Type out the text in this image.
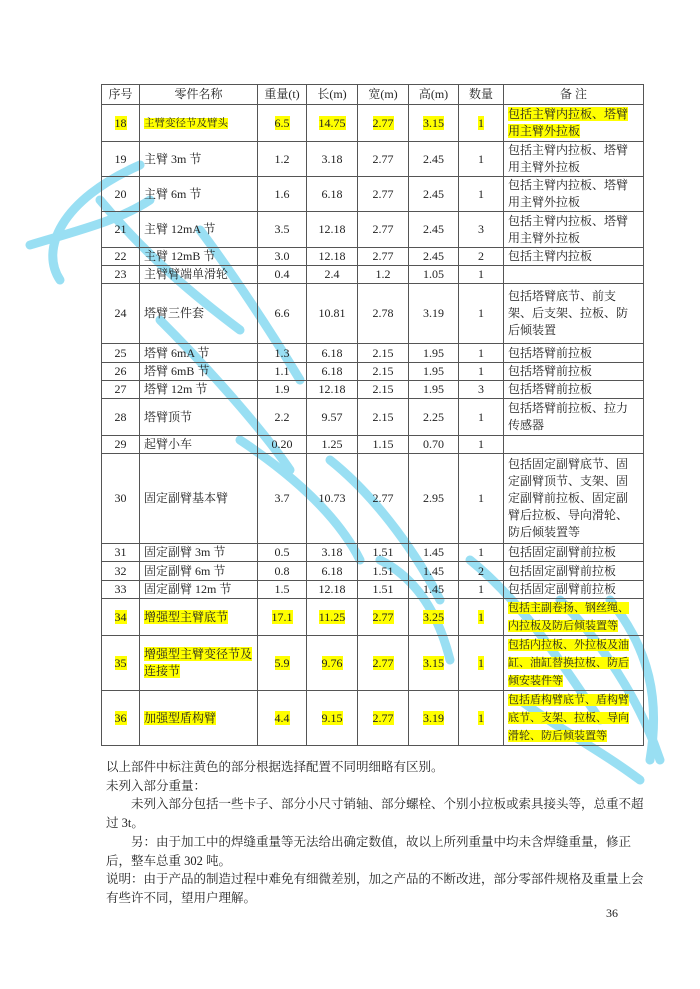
序号	零件名称	重量(t)	长(m)	宽(m)	高(m)	数量	备 注
18	主臂变径节及臂头	6.5	14.75	2.77	3.15	1	包括主臂内拉板、塔臂用主臂外拉板
19	主臂 3m 节	1.2	3.18	2.77	2.45	1	包括主臂内拉板、塔臂用主臂外拉板
20	主臂 6m 节	1.6	6.18	2.77	2.45	1	包括主臂内拉板、塔臂用主臂外拉板
21	主臂 12mA 节	3.5	12.18	2.77	2.45	3	包括主臂内拉板、塔臂用主臂外拉板
22	主臂 12mB 节	3.0	12.18	2.77	2.45	2	包括主臂内拉板
23	主臂臂端单滑轮	0.4	2.4	1.2	1.05	1	
24	塔臂三件套	6.6	10.81	2.78	3.19	1	包括塔臂底节、前支架、后支架、拉板、防后倾装置
25	塔臂 6mA 节	1.3	6.18	2.15	1.95	1	包括塔臂前拉板
26	塔臂 6mB 节	1.1	6.18	2.15	1.95	1	包括塔臂前拉板
27	塔臂 12m 节	1.9	12.18	2.15	1.95	3	包括塔臂前拉板
28	塔臂顶节	2.2	9.57	2.15	2.25	1	包括塔臂前拉板、拉力传感器
29	起臂小车	0.20	1.25	1.15	0.70	1	
30	固定副臂基本臂	3.7	10.73	2.77	2.95	1	包括固定副臂底节、固定副臂顶节、支架、固定副臂前拉板、固定副臂后拉板、导向滑轮、防后倾装置等
31	固定副臂 3m 节	0.5	3.18	1.51	1.45	1	包括固定副臂前拉板
32	固定副臂 6m 节	0.8	6.18	1.51	1.45	2	包括固定副臂前拉板
33	固定副臂 12m 节	1.5	12.18	1.51	1.45	1	包括固定副臂前拉板
34	增强型主臂底节	17.1	11.25	2.77	3.25	1	包括主副卷扬、钢丝绳、内拉板及防后倾装置等
35	增强型主臂变径节及连接节	5.9	9.76	2.77	3.15	1	包括内拉板、外拉板及油缸、油缸替换拉板、防后倾安装件等
36	加强型盾构臂	4.4	9.15	2.77	3.19	1	包括盾构臂底节、盾构臂底节、支架、拉板、导向滑轮、防后倾装置等
以上部件中标注黄色的部分根据选择配置不同明细略有区别。
未列入部分重量：
未列入部分包括一些卡子、部分小尺寸销轴、部分螺栓、个别小拉板或索具接头等，总重不超过 3t。
另：由于加工中的焊缝重量等无法给出确定数值，故以上所列重量中均未含焊缝重量，修正后，整车总重 302 吨。
说明：由于产品的制造过程中难免有细微差别，加之产品的不断改进，部分零部件规格及重量上会有些许不同，望用户理解。
36
